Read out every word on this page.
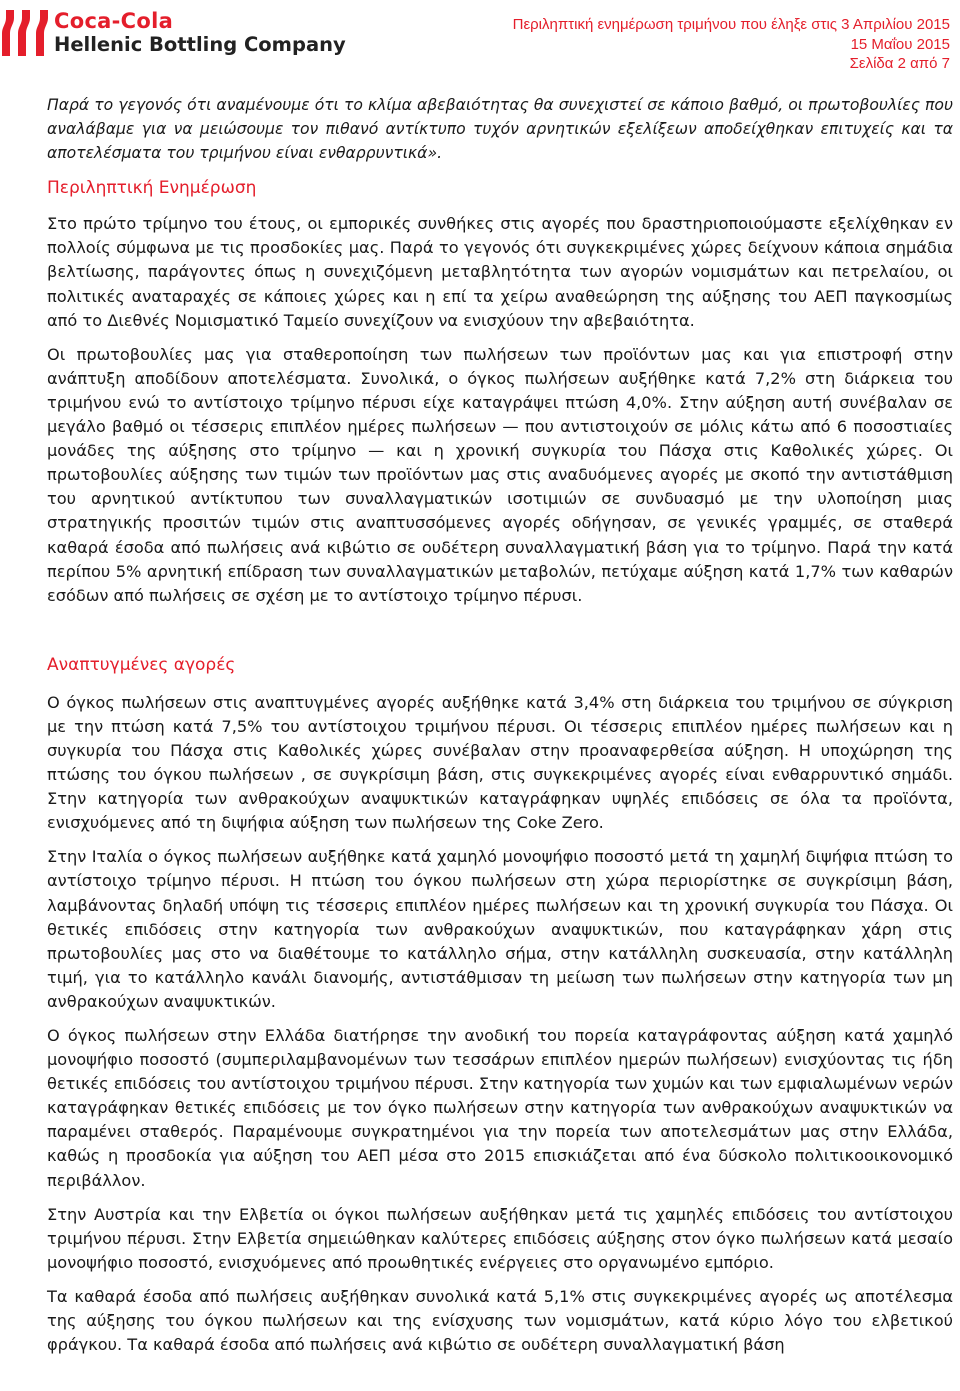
Coca-Cola
Hellenic Bottling Company
Περιληπτική ενημέρωση τριμήνου που έληξε στις 3 Απριλίου 2015
15 Μαΐου 2015
Σελίδα 2 από 7

Παρά το γεγονός ότι αναμένουμε ότι το κλίμα αβεβαιότητας θα συνεχιστεί σε κάποιο βαθμό, οι πρωτοβουλίες που αναλάβαμε για να μειώσουμε τον πιθανό αντίκτυπο τυχόν αρνητικών εξελίξεων αποδείχθηκαν επιτυχείς και τα αποτελέσματα του τριμήνου είναι ενθαρρυντικά».

Περιληπτική Ενημέρωση

Στο πρώτο τρίμηνο του έτους, οι εμπορικές συνθήκες στις αγορές που δραστηριοποιούμαστε εξελίχθηκαν εν πολλοίς σύμφωνα με τις προσδοκίες μας. Παρά το γεγονός ότι συγκεκριμένες χώρες δείχνουν κάποια σημάδια βελτίωσης, παράγοντες όπως η συνεχιζόμενη μεταβλητότητα των αγορών νομισμάτων και πετρελαίου, οι πολιτικές αναταραχές σε κάποιες χώρες και η επί τα χείρω αναθεώρηση της αύξησης του ΑΕΠ παγκοσμίως από το Διεθνές Νομισματικό Ταμείο συνεχίζουν να ενισχύουν την αβεβαιότητα.

Οι πρωτοβουλίες μας για σταθεροποίηση των πωλήσεων των προϊόντων μας και για επιστροφή στην ανάπτυξη αποδίδουν αποτελέσματα. Συνολικά, ο όγκος πωλήσεων αυξήθηκε κατά 7,2% στη διάρκεια του τριμήνου ενώ το αντίστοιχο τρίμηνο πέρυσι είχε καταγράψει πτώση 4,0%. Στην αύξηση αυτή συνέβαλαν σε μεγάλο βαθμό οι τέσσερις επιπλέον ημέρες πωλήσεων — που αντιστοιχούν σε μόλις κάτω από 6 ποσοστιαίες μονάδες της αύξησης στο τρίμηνο — και η χρονική συγκυρία του Πάσχα στις Καθολικές χώρες. Οι πρωτοβουλίες αύξησης των τιμών των προϊόντων μας στις αναδυόμενες αγορές με σκοπό την αντιστάθμιση του αρνητικού αντίκτυπου των συναλλαγματικών ισοτιμιών σε συνδυασμό με την υλοποίηση μιας στρατηγικής προσιτών τιμών στις αναπτυσσόμενες αγορές οδήγησαν, σε γενικές γραμμές, σε σταθερά καθαρά έσοδα από πωλήσεις ανά κιβώτιο σε ουδέτερη συναλλαγματική βάση για το τρίμηνο. Παρά την κατά περίπου 5% αρνητική επίδραση των συναλλαγματικών μεταβολών, πετύχαμε αύξηση κατά 1,7% των καθαρών εσόδων από πωλήσεις σε σχέση με το αντίστοιχο τρίμηνο πέρυσι.

Αναπτυγμένες αγορές

Ο όγκος πωλήσεων στις αναπτυγμένες αγορές αυξήθηκε κατά 3,4% στη διάρκεια του τριμήνου σε σύγκριση με την πτώση κατά 7,5% του αντίστοιχου τριμήνου πέρυσι. Οι τέσσερις επιπλέον ημέρες πωλήσεων και η συγκυρία του Πάσχα στις Καθολικές χώρες συνέβαλαν στην προαναφερθείσα αύξηση. Η υποχώρηση της πτώσης του όγκου πωλήσεων , σε συγκρίσιμη βάση, στις συγκεκριμένες αγορές είναι ενθαρρυντικό σημάδι. Στην κατηγορία των ανθρακούχων αναψυκτικών καταγράφηκαν υψηλές επιδόσεις σε όλα τα προϊόντα, ενισχυόμενες από τη διψήφια αύξηση των πωλήσεων της Coke Zero.

Στην Ιταλία ο όγκος πωλήσεων αυξήθηκε κατά χαμηλό μονοψήφιο ποσοστό μετά τη χαμηλή διψήφια πτώση το αντίστοιχο τρίμηνο πέρυσι. Η πτώση του όγκου πωλήσεων στη χώρα περιορίστηκε σε συγκρίσιμη βάση, λαμβάνοντας δηλαδή υπόψη τις τέσσερις επιπλέον ημέρες πωλήσεων και τη χρονική συγκυρία του Πάσχα. Οι θετικές επιδόσεις στην κατηγορία των ανθρακούχων αναψυκτικών, που καταγράφηκαν χάρη στις πρωτοβουλίες μας στο να διαθέτουμε το κατάλληλο σήμα, στην κατάλληλη συσκευασία, στην κατάλληλη τιμή, για το κατάλληλο κανάλι διανομής, αντιστάθμισαν τη μείωση των πωλήσεων στην κατηγορία των μη ανθρακούχων αναψυκτικών.

Ο όγκος πωλήσεων στην Ελλάδα διατήρησε την ανοδική του πορεία καταγράφοντας αύξηση κατά χαμηλό μονοψήφιο ποσοστό (συμπεριλαμβανομένων των τεσσάρων επιπλέον ημερών πωλήσεων) ενισχύοντας τις ήδη θετικές επιδόσεις του αντίστοιχου τριμήνου πέρυσι. Στην κατηγορία των χυμών και των εμφιαλωμένων νερών καταγράφηκαν θετικές επιδόσεις με τον όγκο πωλήσεων στην κατηγορία των ανθρακούχων αναψυκτικών να παραμένει σταθερός. Παραμένουμε συγκρατημένοι για την πορεία των αποτελεσμάτων μας στην Ελλάδα, καθώς η προσδοκία για αύξηση του ΑΕΠ μέσα στο 2015 επισκιάζεται από ένα δύσκολο πολιτικοοικονομικό περιβάλλον.

Στην Αυστρία και την Ελβετία οι όγκοι πωλήσεων αυξήθηκαν μετά τις χαμηλές επιδόσεις του αντίστοιχου τριμήνου πέρυσι. Στην Ελβετία σημειώθηκαν καλύτερες επιδόσεις αύξησης στον όγκο πωλήσεων κατά μεσαίο μονοψήφιο ποσοστό, ενισχυόμενες από προωθητικές ενέργειες στο οργανωμένο εμπόριο.

Τα καθαρά έσοδα από πωλήσεις αυξήθηκαν συνολικά κατά 5,1% στις συγκεκριμένες αγορές ως αποτέλεσμα της αύξησης του όγκου πωλήσεων και της ενίσχυσης των νομισμάτων, κατά κύριο λόγο του ελβετικού φράγκου. Τα καθαρά έσοδα από πωλήσεις ανά κιβώτιο σε ουδέτερη συναλλαγματική βάση
